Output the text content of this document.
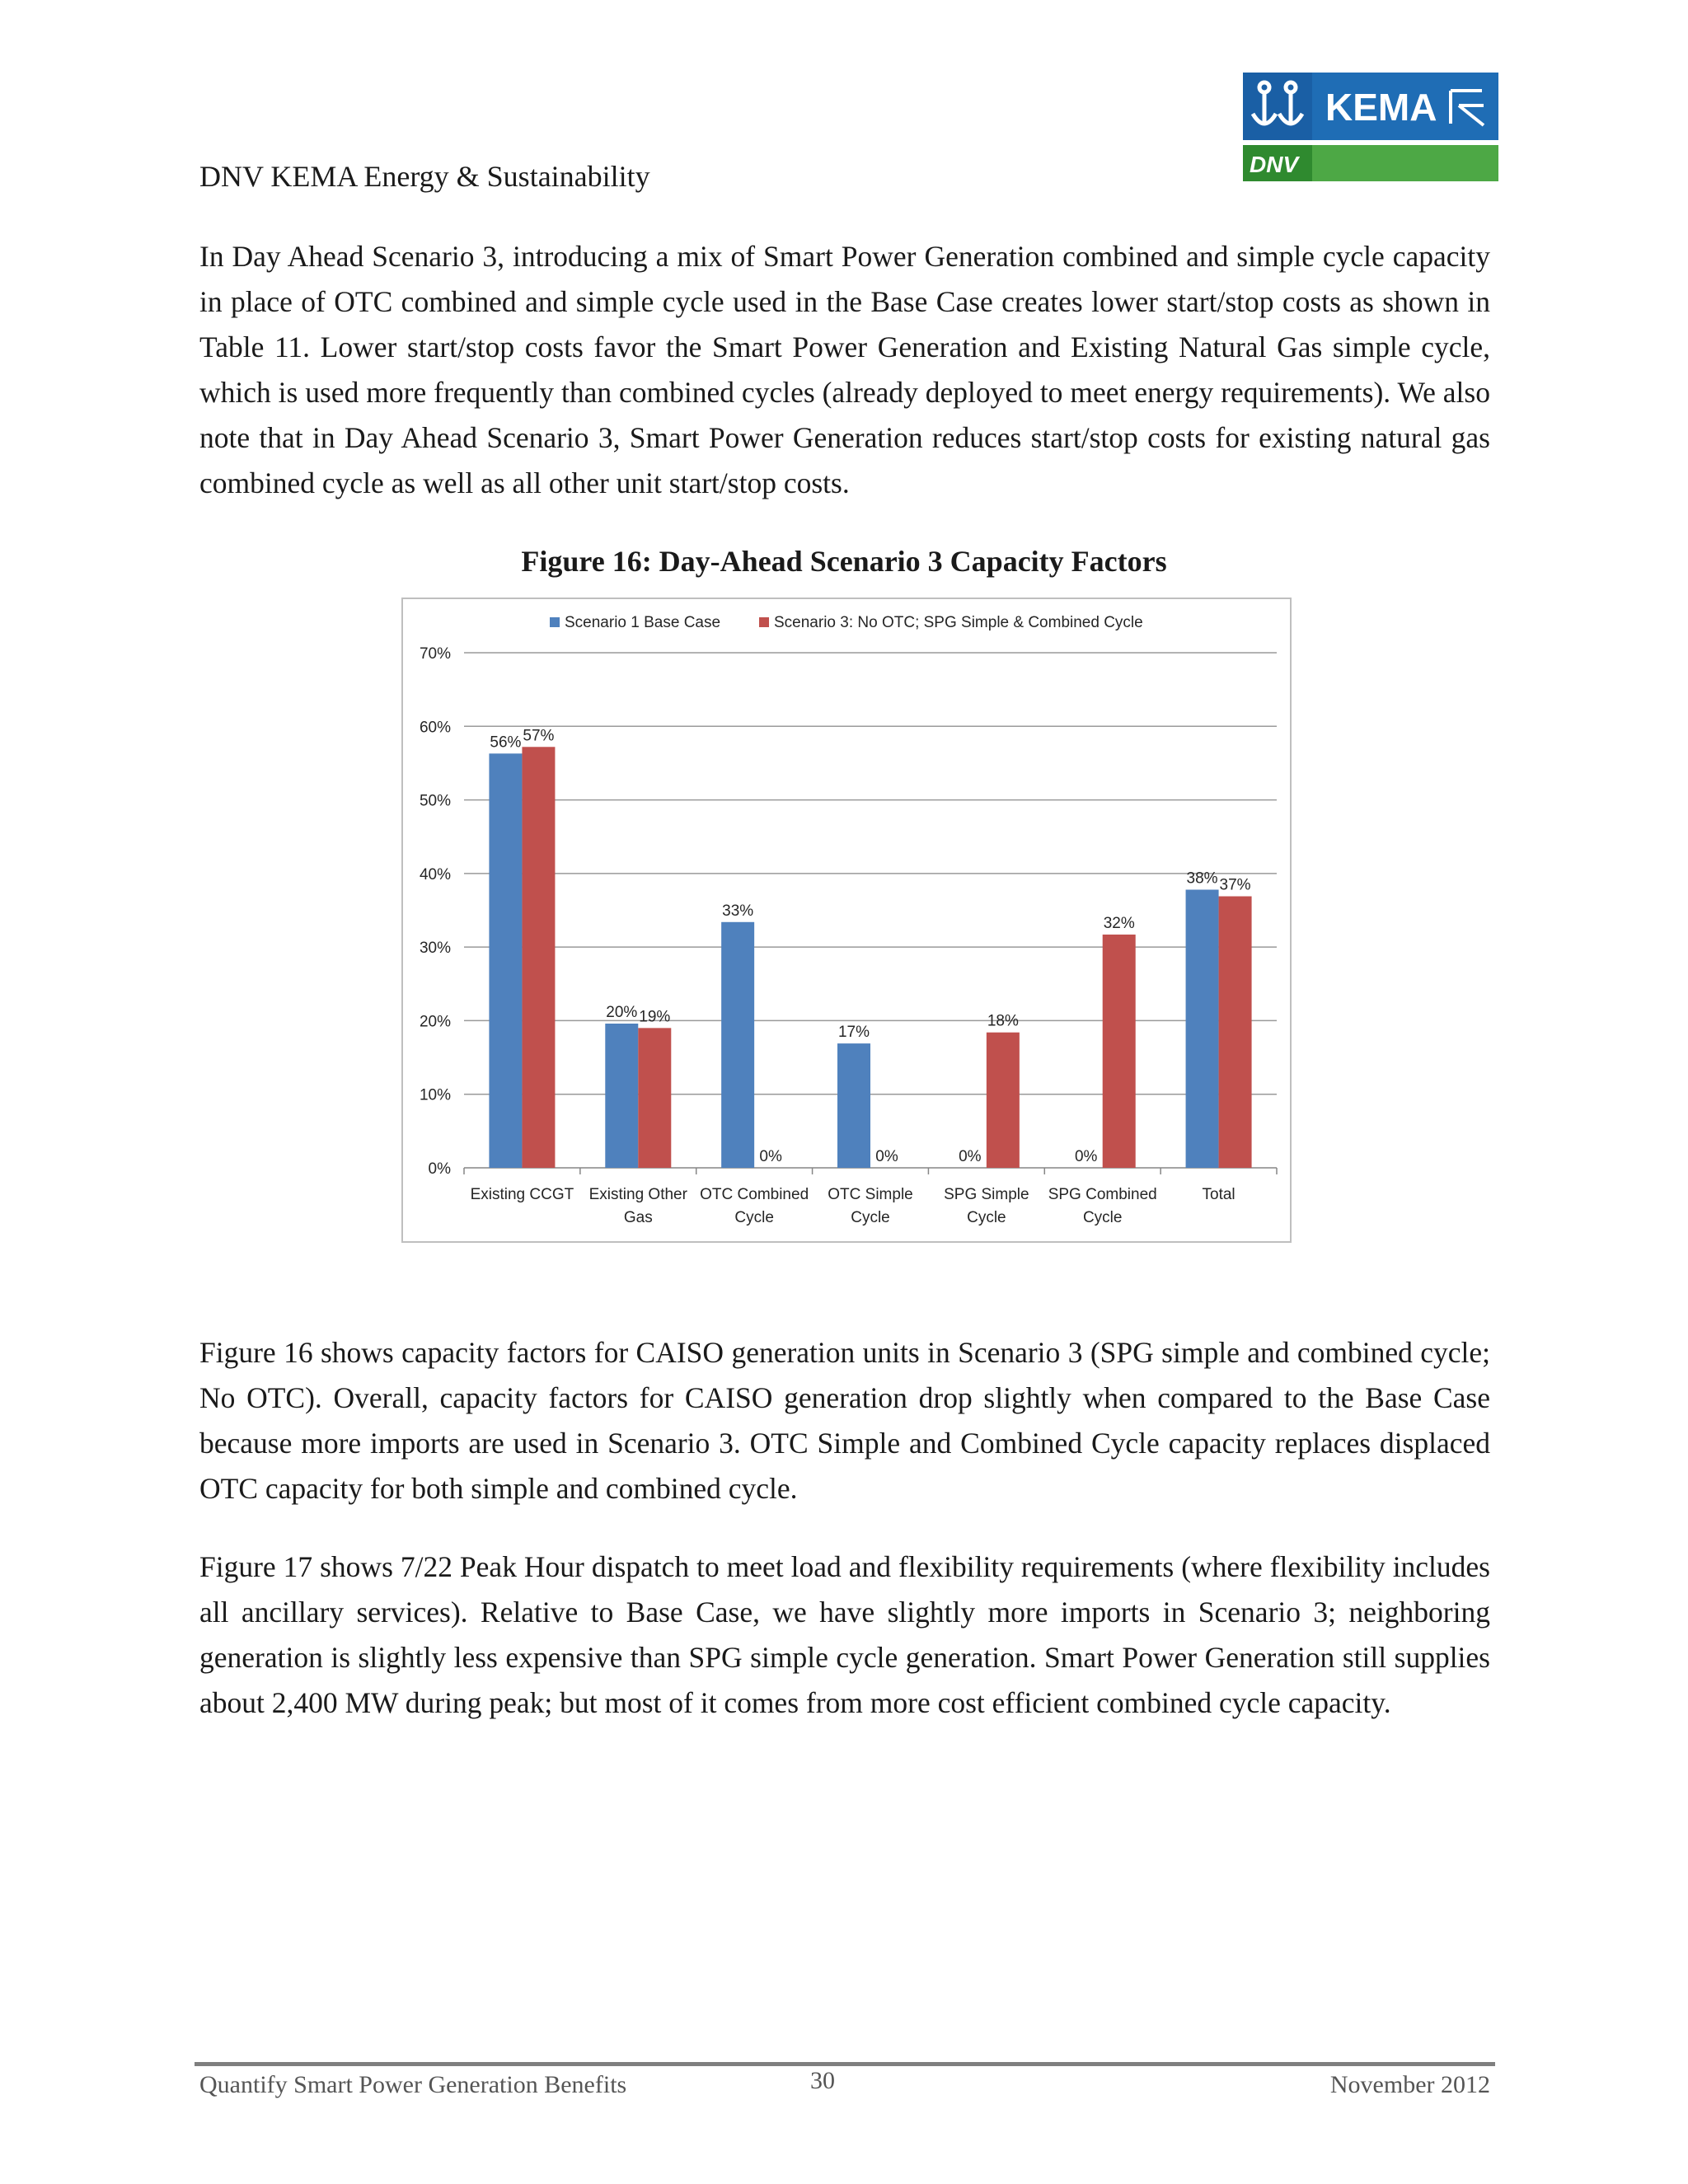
DNV KEMA Energy & Sustainability
KEMA
DNV

In Day Ahead Scenario 3, introducing a mix of Smart Power Generation combined and simple cycle capacity in place of OTC combined and simple cycle used in the Base Case creates lower start/stop costs as shown in Table 11. Lower start/stop costs favor the Smart Power Generation and Existing Natural Gas simple cycle, which is used more frequently than combined cycles (already deployed to meet energy requirements). We also note that in Day Ahead Scenario 3, Smart Power Generation reduces start/stop costs for existing natural gas combined cycle as well as all other unit start/stop costs.

Figure 16: Day-Ahead Scenario 3 Capacity Factors
0%
10%
20%
30%
40%
50%
60%
70%
56% 57%
Existing CCGT
20% 19%
Existing Other Gas
33%
0%
OTC Combined Cycle
17%
0%
OTC Simple Cycle
0%
18%
SPG Simple Cycle
0%
32%
SPG Combined Cycle
38% 37%
Total
Scenario 1 Base Case	Scenario 3: No OTC; SPG Simple & Combined Cycle

Figure 16 shows capacity factors for CAISO generation units in Scenario 3 (SPG simple and combined cycle; No OTC). Overall, capacity factors for CAISO generation drop slightly when compared to the Base Case because more imports are used in Scenario 3. OTC Simple and Combined Cycle capacity replaces displaced OTC capacity for both simple and combined cycle.

Figure 17 shows 7/22 Peak Hour dispatch to meet load and flexibility requirements (where flexibility includes all ancillary services). Relative to Base Case, we have slightly more imports in Scenario 3; neighboring generation is slightly less expensive than SPG simple cycle generation. Smart Power Generation still supplies about 2,400 MW during peak; but most of it comes from more cost efficient combined cycle capacity.

Quantify Smart Power Generation Benefits	30	November 2012
